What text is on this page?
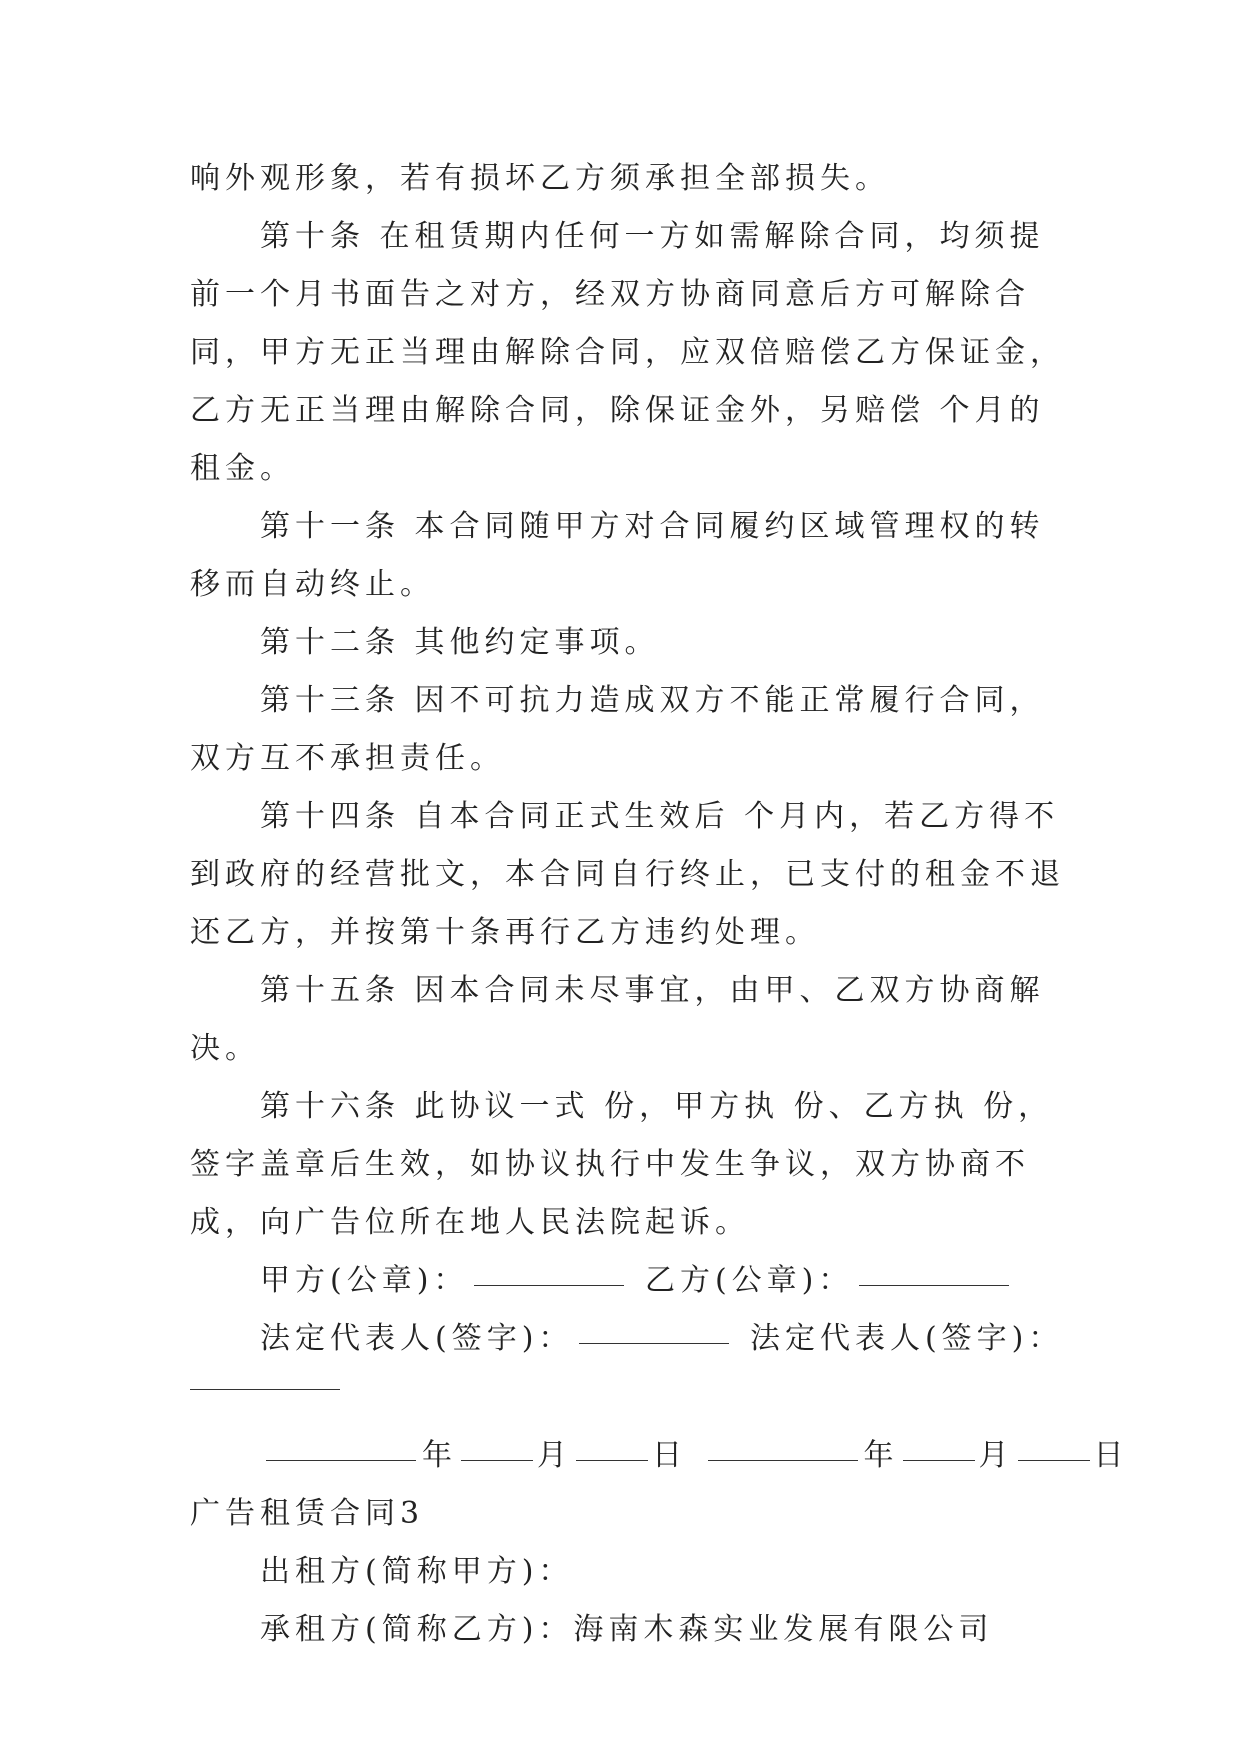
响外观形象，若有损坏乙方须承担全部损失。

第十条 在租赁期内任何一方如需解除合同，均须提前一个月书面告之对方，经双方协商同意后方可解除合同，甲方无正当理由解除合同，应双倍赔偿乙方保证金，乙方无正当理由解除合同，除保证金外，另赔偿 个月的租金。

第十一条 本合同随甲方对合同履约区域管理权的转移而自动终止。

第十二条 其他约定事项。

第十三条 因不可抗力造成双方不能正常履行合同，双方互不承担责任。

第十四条 自本合同正式生效后 个月内，若乙方得不到政府的经营批文，本合同自行终止，已支付的租金不退还乙方，并按第十条再行乙方违约处理。

第十五条 因本合同未尽事宜，由甲、乙双方协商解决。

第十六条 此协议一式 份，甲方执 份、乙方执 份，签字盖章后生效，如协议执行中发生争议，双方协商不成，向广告位所在地人民法院起诉。

甲方(公章)：	乙方(公章)：

法定代表人(签字)：	法定代表人(签字)：

年	月	日	年	月	日

广告租赁合同3

出租方(简称甲方)：

承租方(简称乙方)：海南木森实业发展有限公司
